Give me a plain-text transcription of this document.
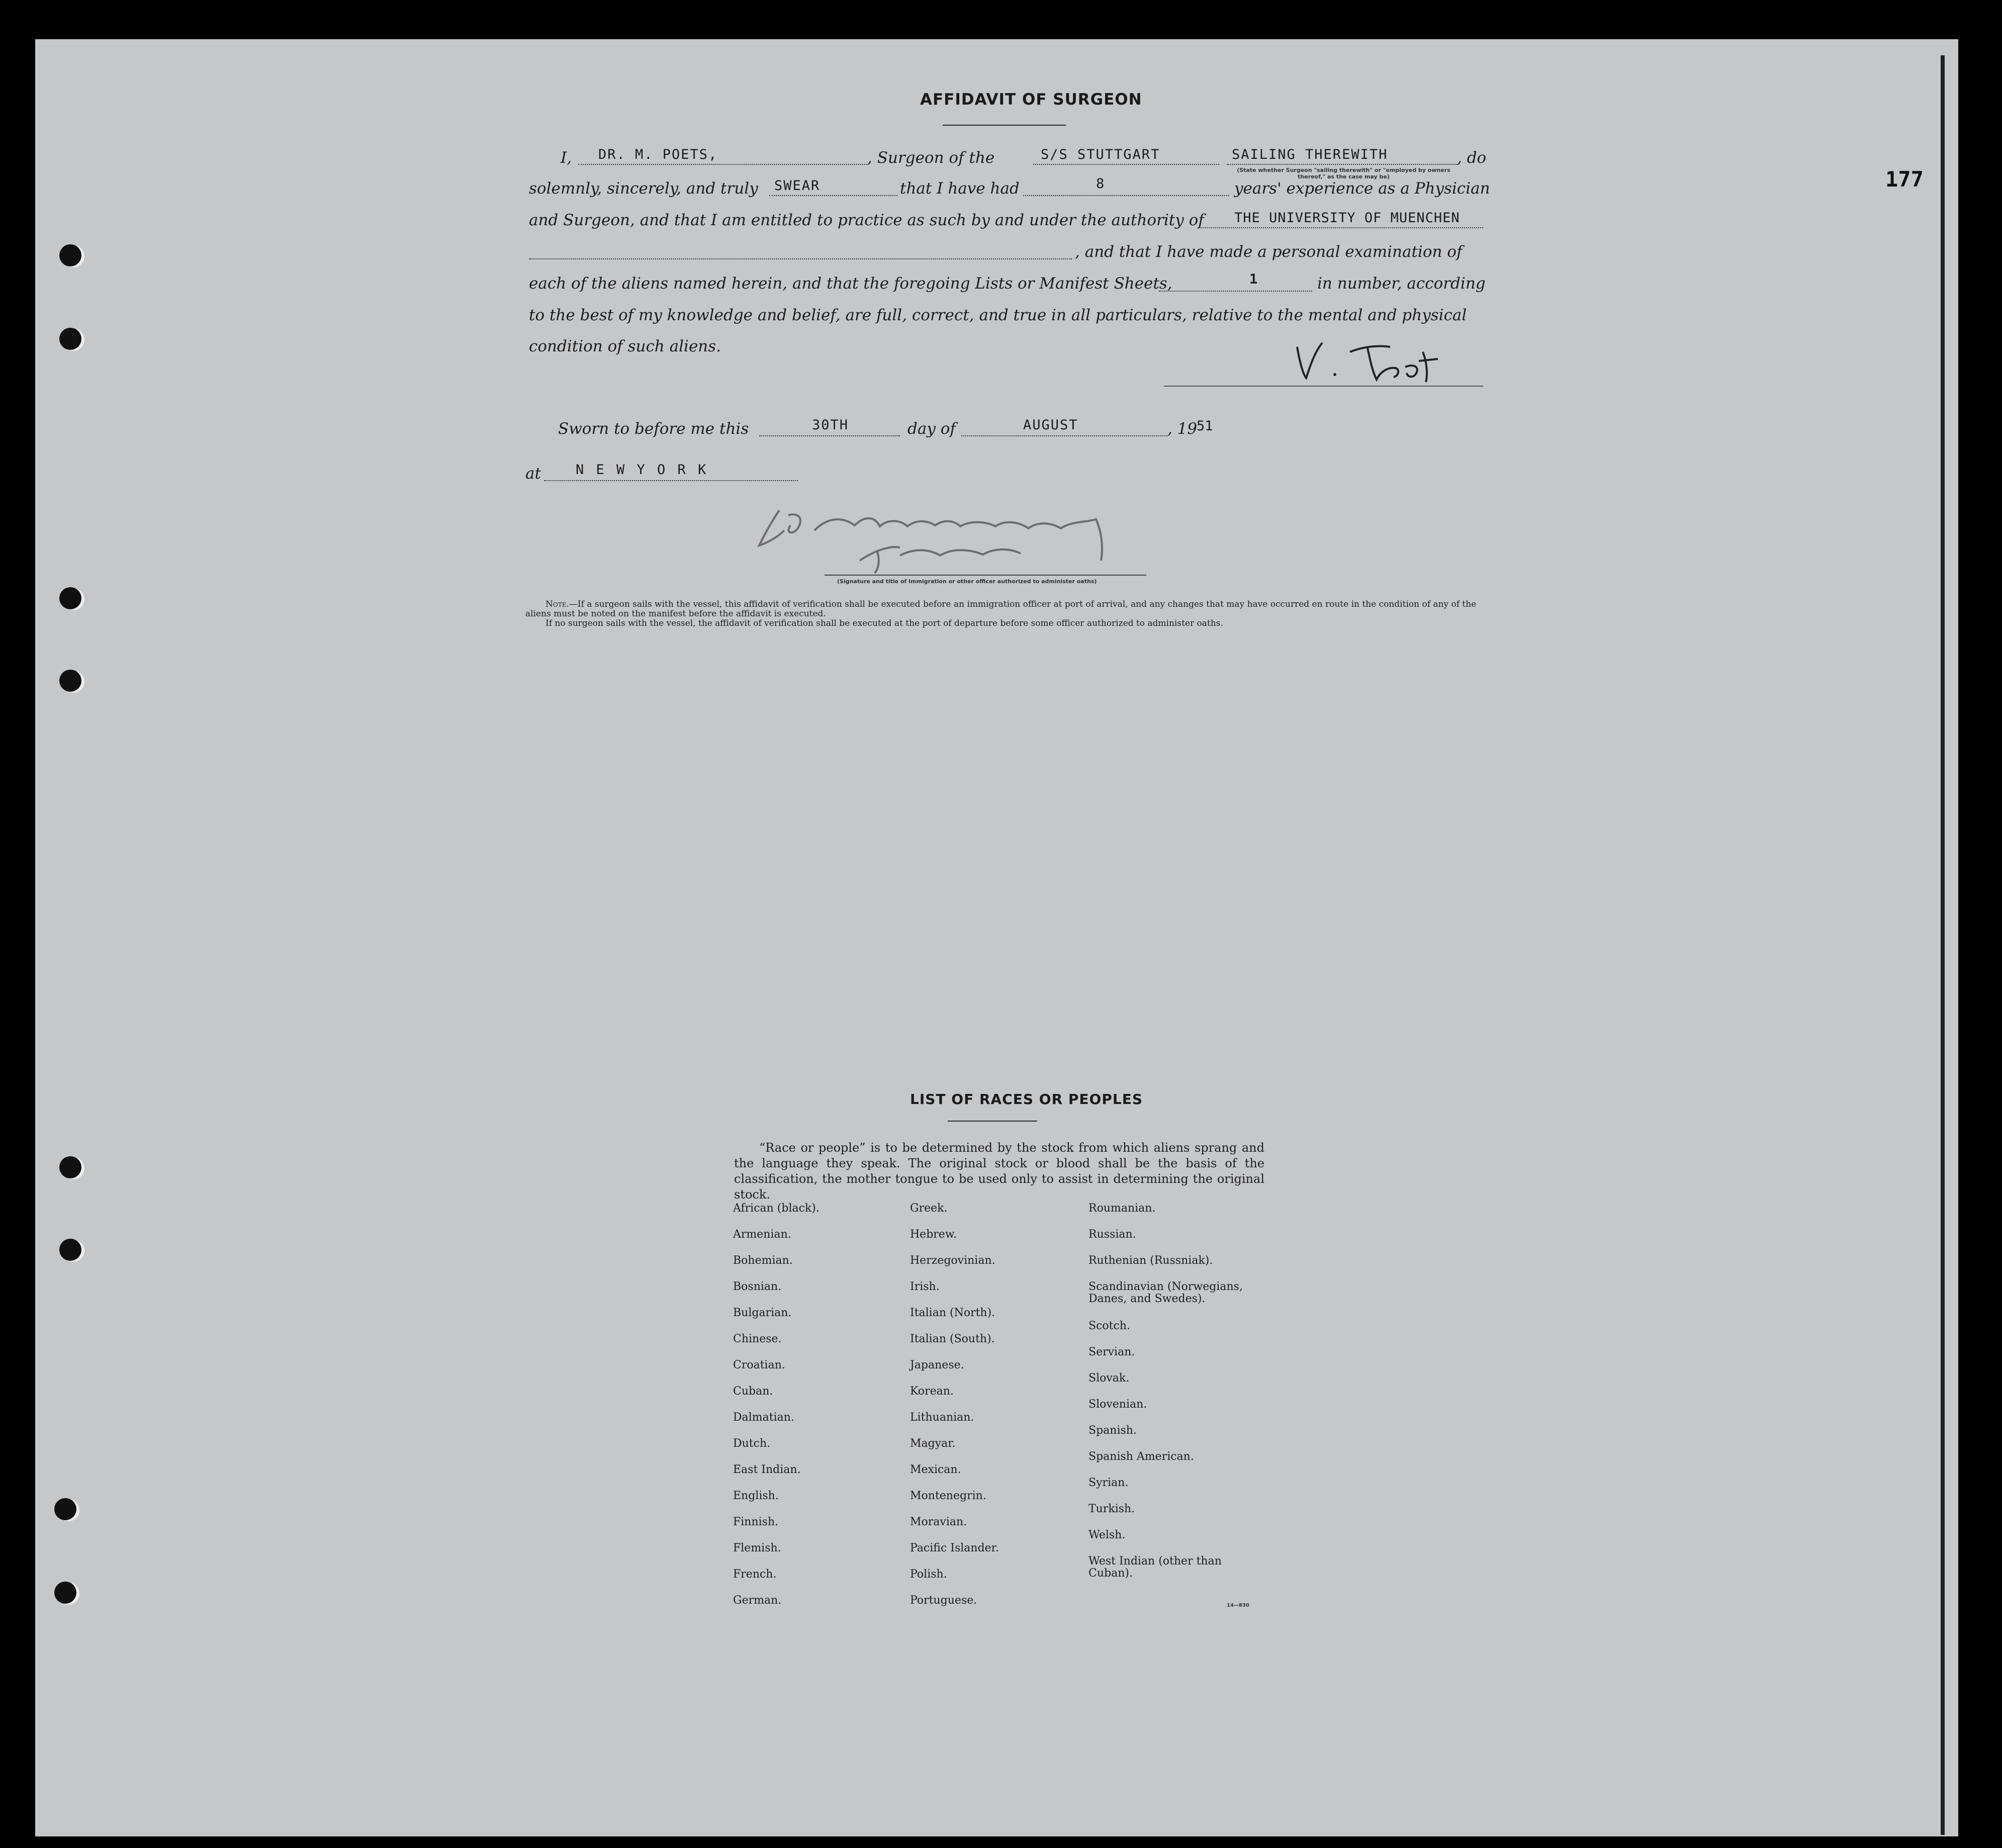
177
AFFIDAVIT OF SURGEON
I, DR. M. POETS,	, Surgeon of the	S/S STUTTGART	SAILING THEREWITH	, do
(State whether Surgeon "sailing therewith" or "employed by owners thereof," as the case may be)
solemnly, sincerely, and truly SWEAR	that I have had	8	years' experience as a Physician
and Surgeon, and that I am entitled to practice as such by and under the authority of THE UNIVERSITY OF MUENCHEN
, and that I have made a personal examination of
each of the aliens named herein, and that the foregoing Lists or Manifest Sheets,	1	in number, according
to the best of my knowledge and belief, are full, correct, and true in all particulars, relative to the mental and physical
condition of such aliens.
Sworn to before me this	30TH	day of	AUGUST	, 19
51
at	N E W Y O R K
(Signature and title of immigration or other officer authorized to administer oaths)
Note.—If a surgeon sails with the vessel, this affidavit of verification shall be executed before an immigration officer at port of arrival, and any changes that may have occurred en route in the condition of any of the aliens must be noted on the manifest before the affidavit is executed.
If no surgeon sails with the vessel, the affidavit of verification shall be executed at the port of departure before some officer authorized to administer oaths.
LIST OF RACES OR PEOPLES
“Race or people” is to be determined by the stock from which aliens sprang and the language they speak. The original stock or blood shall be the basis of the classification, the mother tongue to be used only to assist in determining the original stock.
African (black).
Armenian.
Bohemian.
Bosnian.
Bulgarian.
Chinese.
Croatian.
Cuban.
Dalmatian.
Dutch.
East Indian.
English.
Finnish.
Flemish.
French.
German.
Greek.
Hebrew.
Herzegovinian.
Irish.
Italian (North).
Italian (South).
Japanese.
Korean.
Lithuanian.
Magyar.
Mexican.
Montenegrin.
Moravian.
Pacific Islander.
Polish.
Portuguese.
Roumanian.
Russian.
Ruthenian (Russniak).
Scandinavian (Norwegians, Danes, and Swedes).
Scotch.
Servian.
Slovak.
Slovenian.
Spanish.
Spanish American.
Syrian.
Turkish.
Welsh.
West Indian (other than Cuban).
14—830
